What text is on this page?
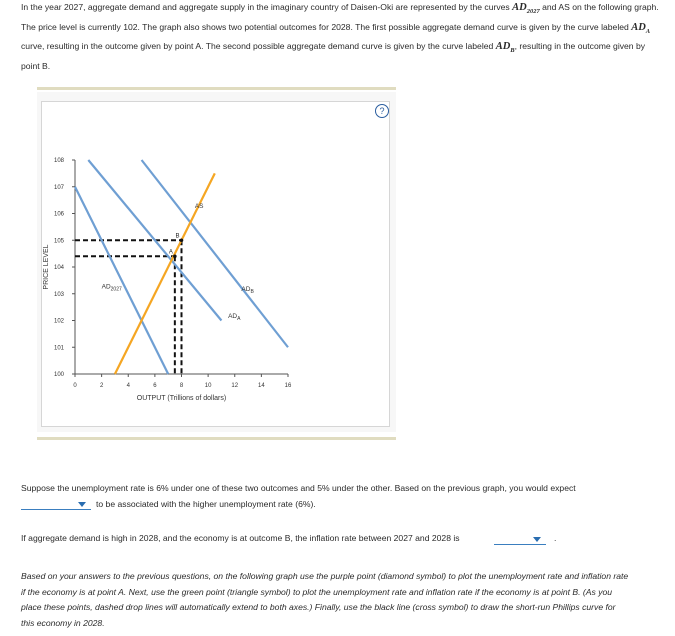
In the year 2027, aggregate demand and aggregate supply in the imaginary country of Daisen-Oki are represented by the curves $AD_{2027}$ and AS on the following graph. The price level is currently 102. The graph also shows two potential outcomes for 2028. The first possible aggregate demand curve is given by the curve labeled $AD_A$ curve, resulting in the outcome given by point A. The second possible aggregate demand curve is given by the curve labeled $AD_B$, resulting in the outcome given by point B.
?
0	2	4	6	8	10	12	14	16
100
101
102
103
104
105
106
107
108
OUTPUT (Trillions of dollars)
PRICE LEVEL
AS
$AD_{2027}$
$AD_A$
$AD_B$
A
B
Suppose the unemployment rate is 6% under one of these two outcomes and 5% under the other. Based on the previous graph, you would expect
to be associated with the higher unemployment rate (6%).
If aggregate demand is high in 2028, and the economy is at outcome B, the inflation rate between 2027 and 2028 is	.
Based on your answers to the previous questions, on the following graph use the purple point (diamond symbol) to plot the unemployment rate and inflation rate if the economy is at point A. Next, use the green point (triangle symbol) to plot the unemployment rate and inflation rate if the economy is at point B. (As you place these points, dashed drop lines will automatically extend to both axes.) Finally, use the black line (cross symbol) to draw the short-run Phillips curve for this economy in 2028.
